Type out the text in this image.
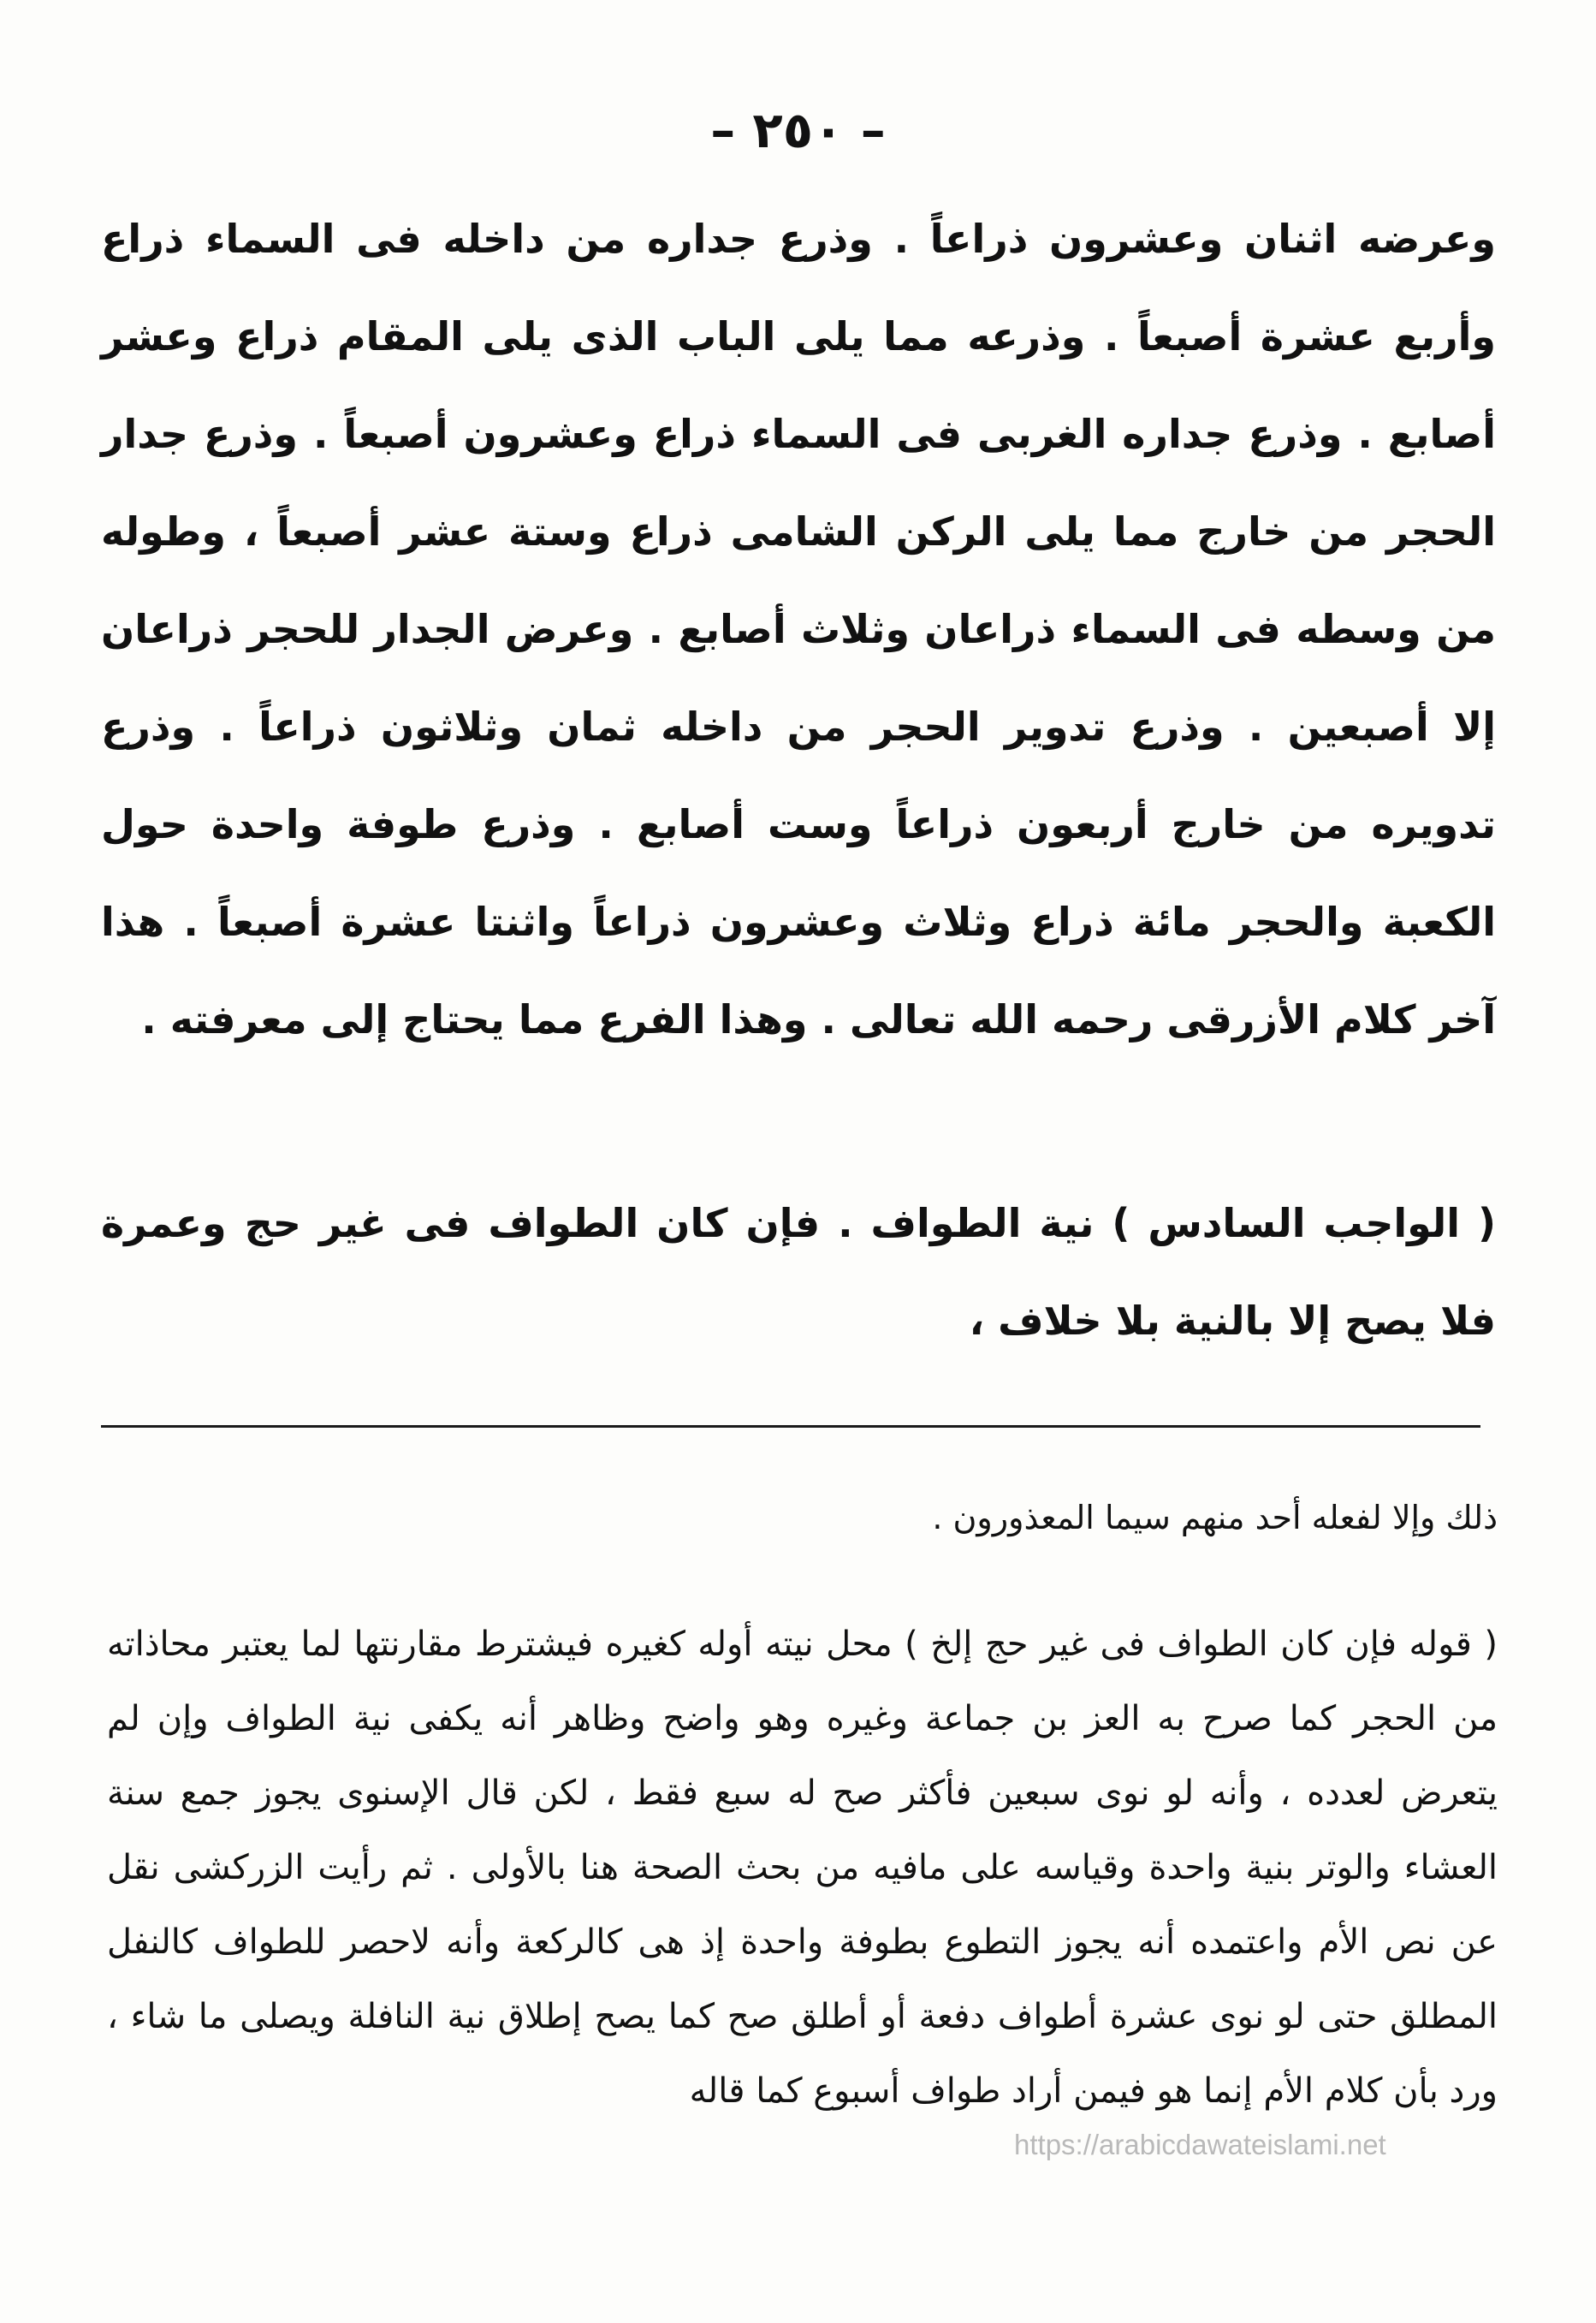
– ٢٥٠ –

وعرضه اثنان وعشرون ذراعاً . وذرع جداره من داخله فى السماء ذراع وأربع عشرة أصبعاً . وذرعه مما يلى الباب الذى يلى المقام ذراع وعشر أصابع . وذرع جداره الغربى فى السماء ذراع وعشرون أصبعاً . وذرع جدار الحجر من خارج مما يلى الركن الشامى ذراع وستة عشر أصبعاً ، وطوله من وسطه فى السماء ذراعان وثلاث أصابع . وعرض الجدار للحجر ذراعان إلا أصبعين . وذرع تدوير الحجر من داخله ثمان وثلاثون ذراعاً . وذرع تدويره من خارج أربعون ذراعاً وست أصابع . وذرع طوفة واحدة حول الكعبة والحجر مائة ذراع وثلاث وعشرون ذراعاً واثنتا عشرة أصبعاً . هذا آخر كلام الأزرقى رحمه الله تعالى . وهذا الفرع مما يحتاج إلى معرفته .

( الواجب السادس ) نية الطواف . فإن كان الطواف فى غير حج وعمرة فلا يصح إلا بالنية بلا خلاف ،

ذلك وإلا لفعله أحد منهم سيما المعذورون .

( قوله فإن كان الطواف فى غير حج إلخ ) محل نيته أوله كغيره فيشترط مقارنتها لما يعتبر محاذاته من الحجر كما صرح به العز بن جماعة وغيره وهو واضح وظاهر أنه يكفى نية الطواف وإن لم يتعرض لعدده ، وأنه لو نوى سبعين فأكثر صح له سبع فقط ، لكن قال الإسنوى يجوز جمع سنة العشاء والوتر بنية واحدة وقياسه على مافيه من بحث الصحة هنا بالأولى . ثم رأيت الزركشى نقل عن نص الأم واعتمده أنه يجوز التطوع بطوفة واحدة إذ هى كالركعة وأنه لاحصر للطواف كالنفل المطلق حتى لو نوى عشرة أطواف دفعة أو أطلق صح كما يصح إطلاق نية النافلة ويصلى ما شاء ، ورد بأن كلام الأم إنما هو فيمن أراد طواف أسبوع كما قاله

https://arabicdawateislami.net
